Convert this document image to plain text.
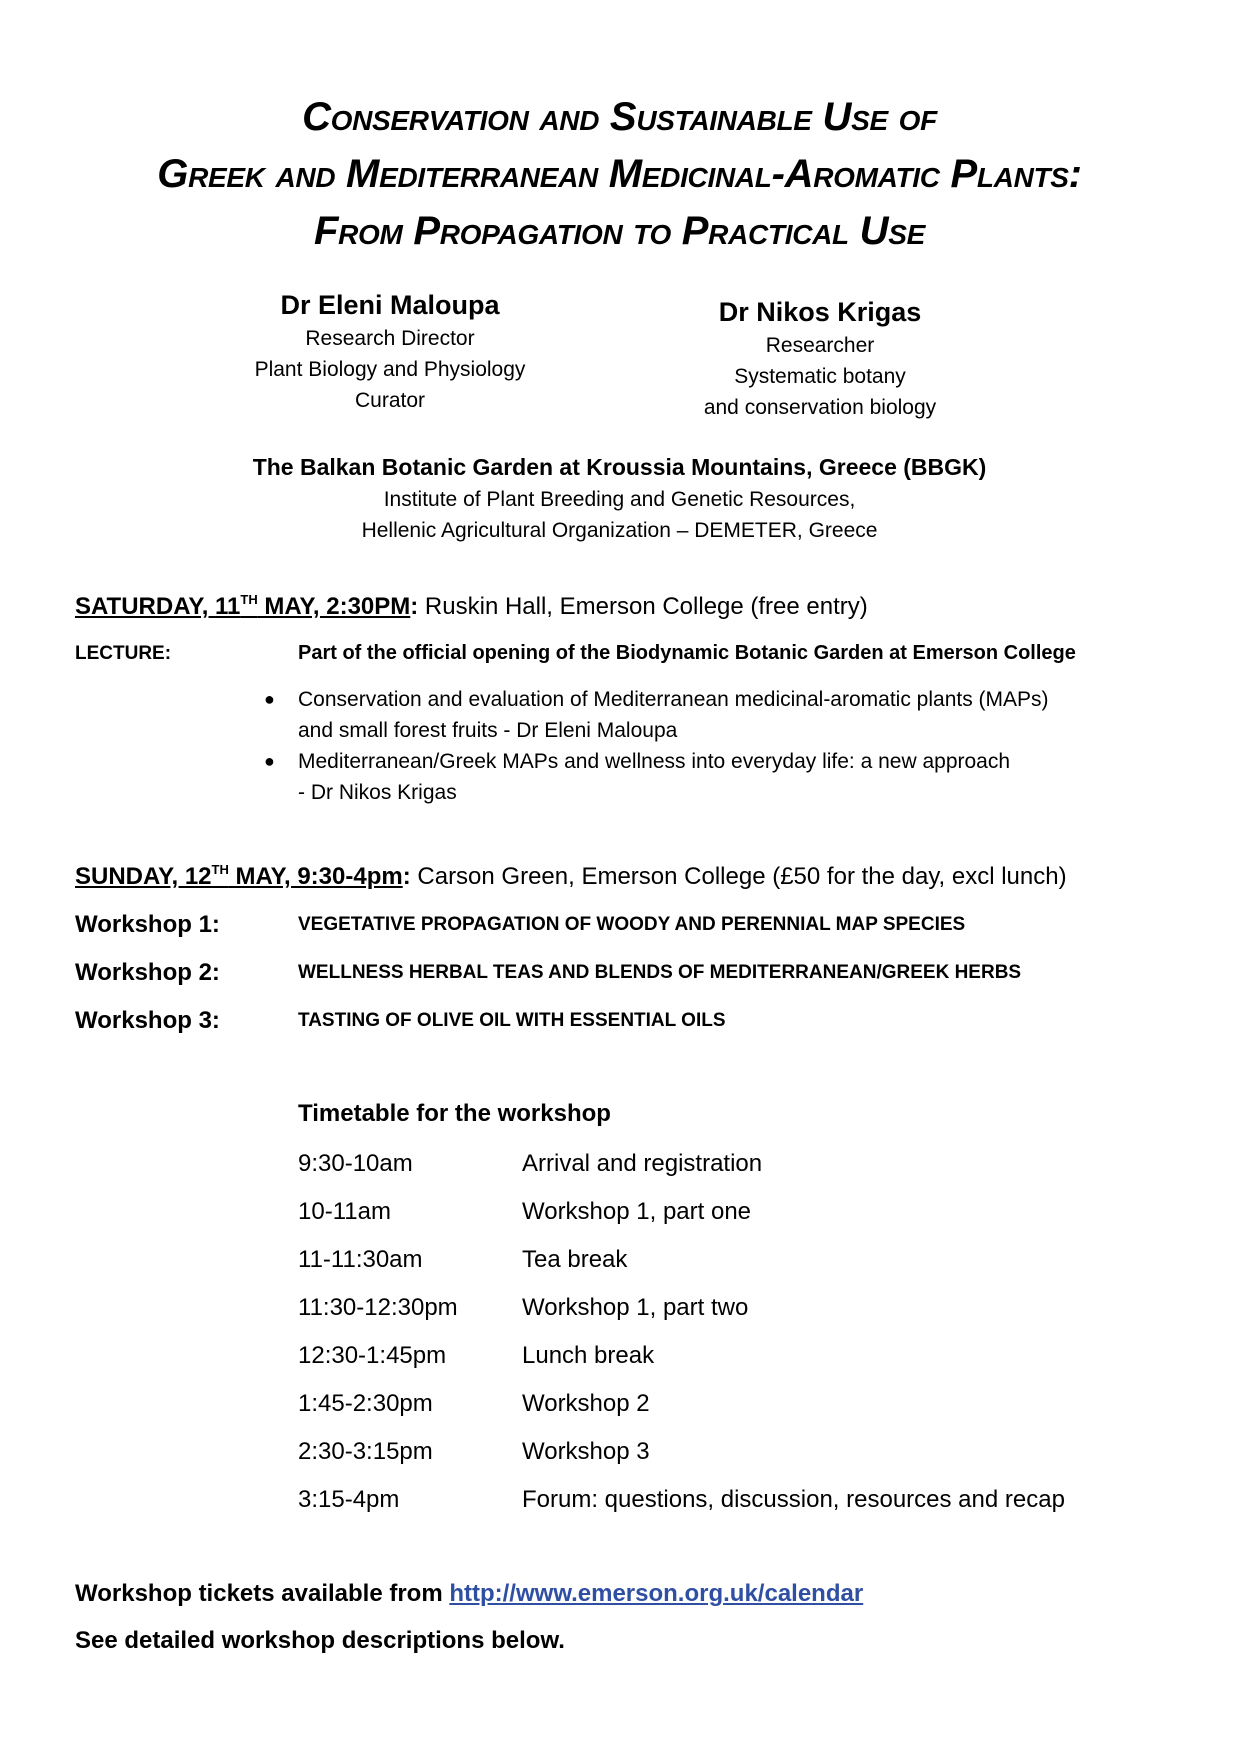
Conservation and Sustainable Use of
Greek and Mediterranean Medicinal-Aromatic Plants:
From Propagation to Practical Use
Dr Eleni Maloupa
Research Director
Plant Biology and Physiology
Curator
Dr Nikos Krigas
Researcher
Systematic botany
and conservation biology
The Balkan Botanic Garden at Kroussia Mountains, Greece (BBGK)
Institute of Plant Breeding and Genetic Resources,
Hellenic Agricultural Organization – DEMETER, Greece
SATURDAY, 11TH MAY, 2:30PM: Ruskin Hall, Emerson College (free entry)
LECTURE:	Part of the official opening of the Biodynamic Botanic Garden at Emerson College
● Conservation and evaluation of Mediterranean medicinal-aromatic plants (MAPs)
and small forest fruits - Dr Eleni Maloupa
● Mediterranean/Greek MAPs and wellness into everyday life: a new approach
- Dr Nikos Krigas
SUNDAY, 12TH MAY, 9:30-4pm: Carson Green, Emerson College (£50 for the day, excl lunch)
Workshop 1:	VEGETATIVE PROPAGATION OF WOODY AND PERENNIAL MAP SPECIES
Workshop 2:	WELLNESS HERBAL TEAS AND BLENDS OF MEDITERRANEAN/GREEK HERBS
Workshop 3:	TASTING OF OLIVE OIL WITH ESSENTIAL OILS
Timetable for the workshop
9:30-10am	Arrival and registration
10-11am	Workshop 1, part one
11-11:30am	Tea break
11:30-12:30pm	Workshop 1, part two
12:30-1:45pm	Lunch break
1:45-2:30pm	Workshop 2
2:30-3:15pm	Workshop 3
3:15-4pm	Forum: questions, discussion, resources and recap
Workshop tickets available from http://www.emerson.org.uk/calendar
See detailed workshop descriptions below.
